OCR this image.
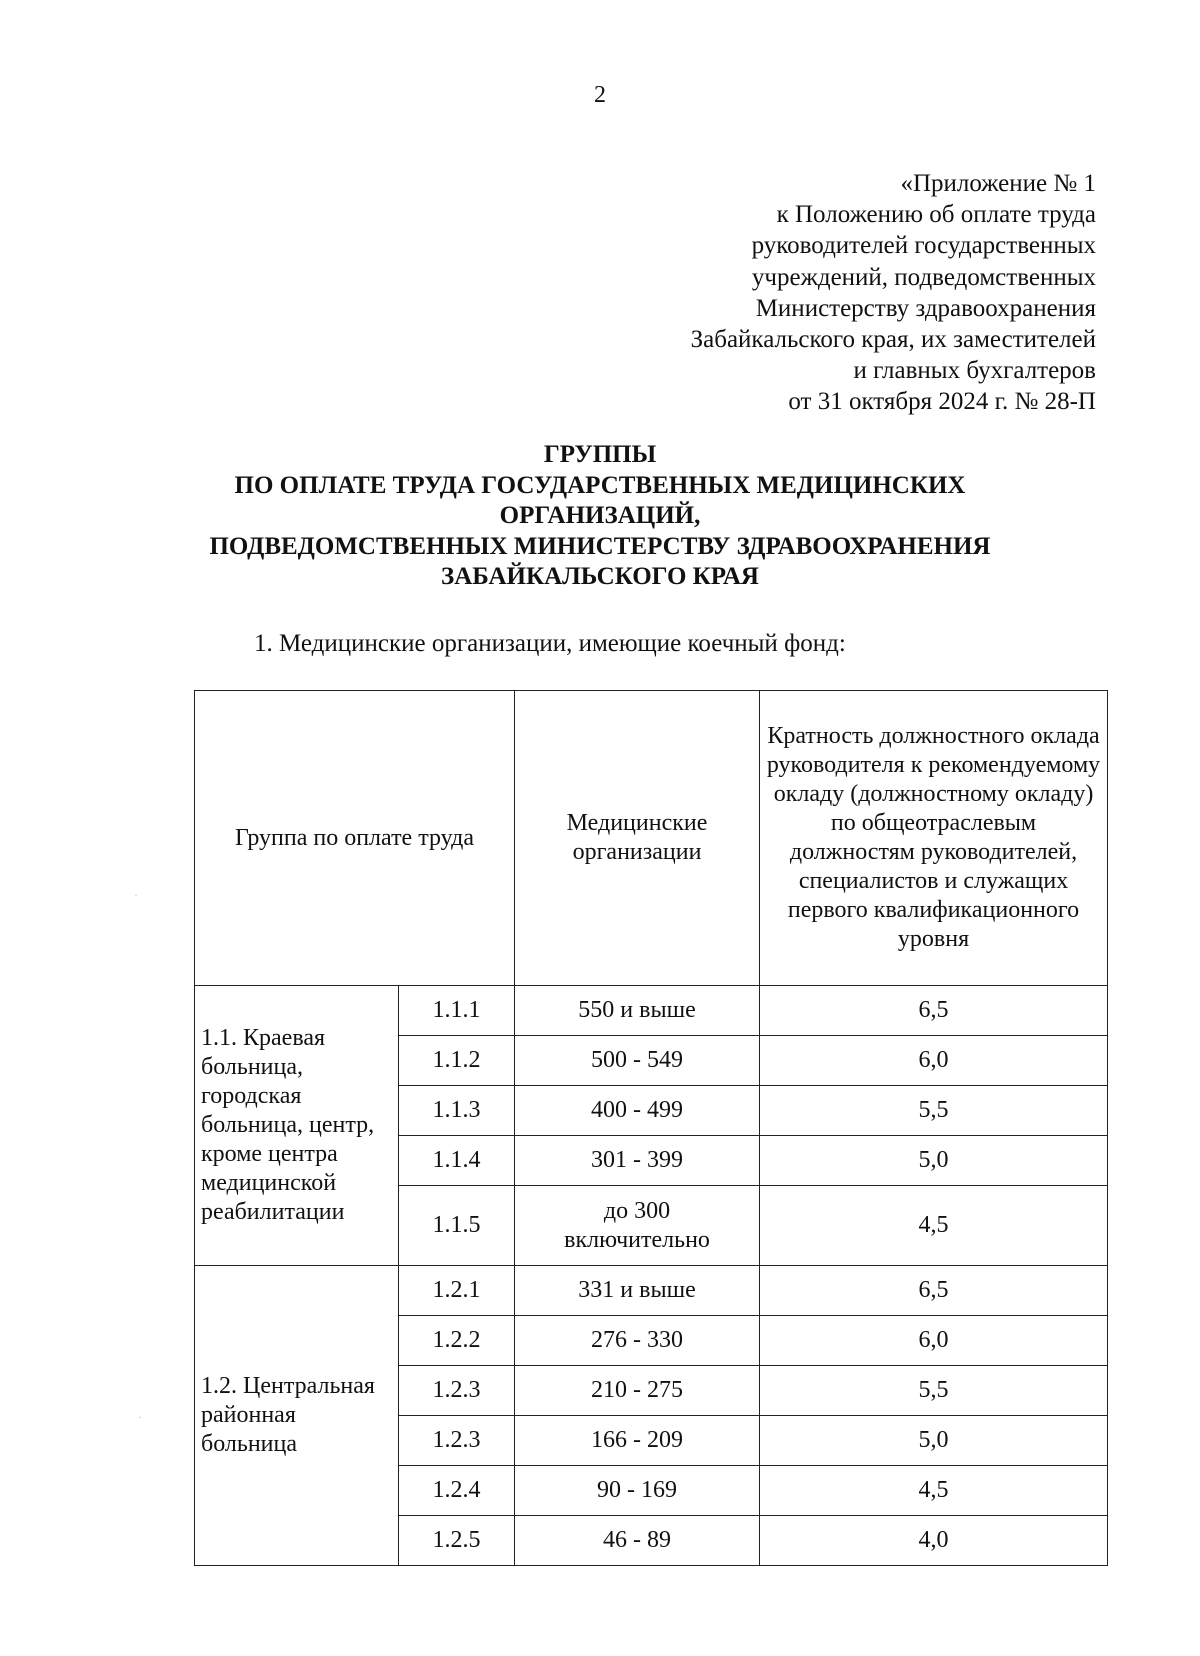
2
«Приложение № 1
к Положению об оплате труда
руководителей государственных
учреждений, подведомственных
Министерству здравоохранения
Забайкальского края, их заместителей
и главных бухгалтеров
от 31 октября 2024 г. № 28-П
ГРУППЫ
ПО ОПЛАТЕ ТРУДА ГОСУДАРСТВЕННЫХ МЕДИЦИНСКИХ
ОРГАНИЗАЦИЙ,
ПОДВЕДОМСТВЕННЫХ МИНИСТЕРСТВУ ЗДРАВООХРАНЕНИЯ
ЗАБАЙКАЛЬСКОГО КРАЯ
1. Медицинские организации, имеющие коечный фонд:
Группа по оплате труда		Медицинские организации	Кратность должностного оклада руководителя к рекомендуемому окладу (должностному окладу) по общеотраслевым должностям руководителей, специалистов и служащих первого квалификационного уровня
1.1. Краевая больница, городская больница, центр, кроме центра медицинской реабилитации	1.1.1	550 и выше	6,5
	1.1.2	500 - 549	6,0
	1.1.3	400 - 499	5,5
	1.1.4	301 - 399	5,0
	1.1.5	до 300 включительно	4,5
1.2. Центральная районная больница	1.2.1	331 и выше	6,5
	1.2.2	276 - 330	6,0
	1.2.3	210 - 275	5,5
	1.2.3	166 - 209	5,0
	1.2.4	90 - 169	4,5
	1.2.5	46 - 89	4,0
·
·
